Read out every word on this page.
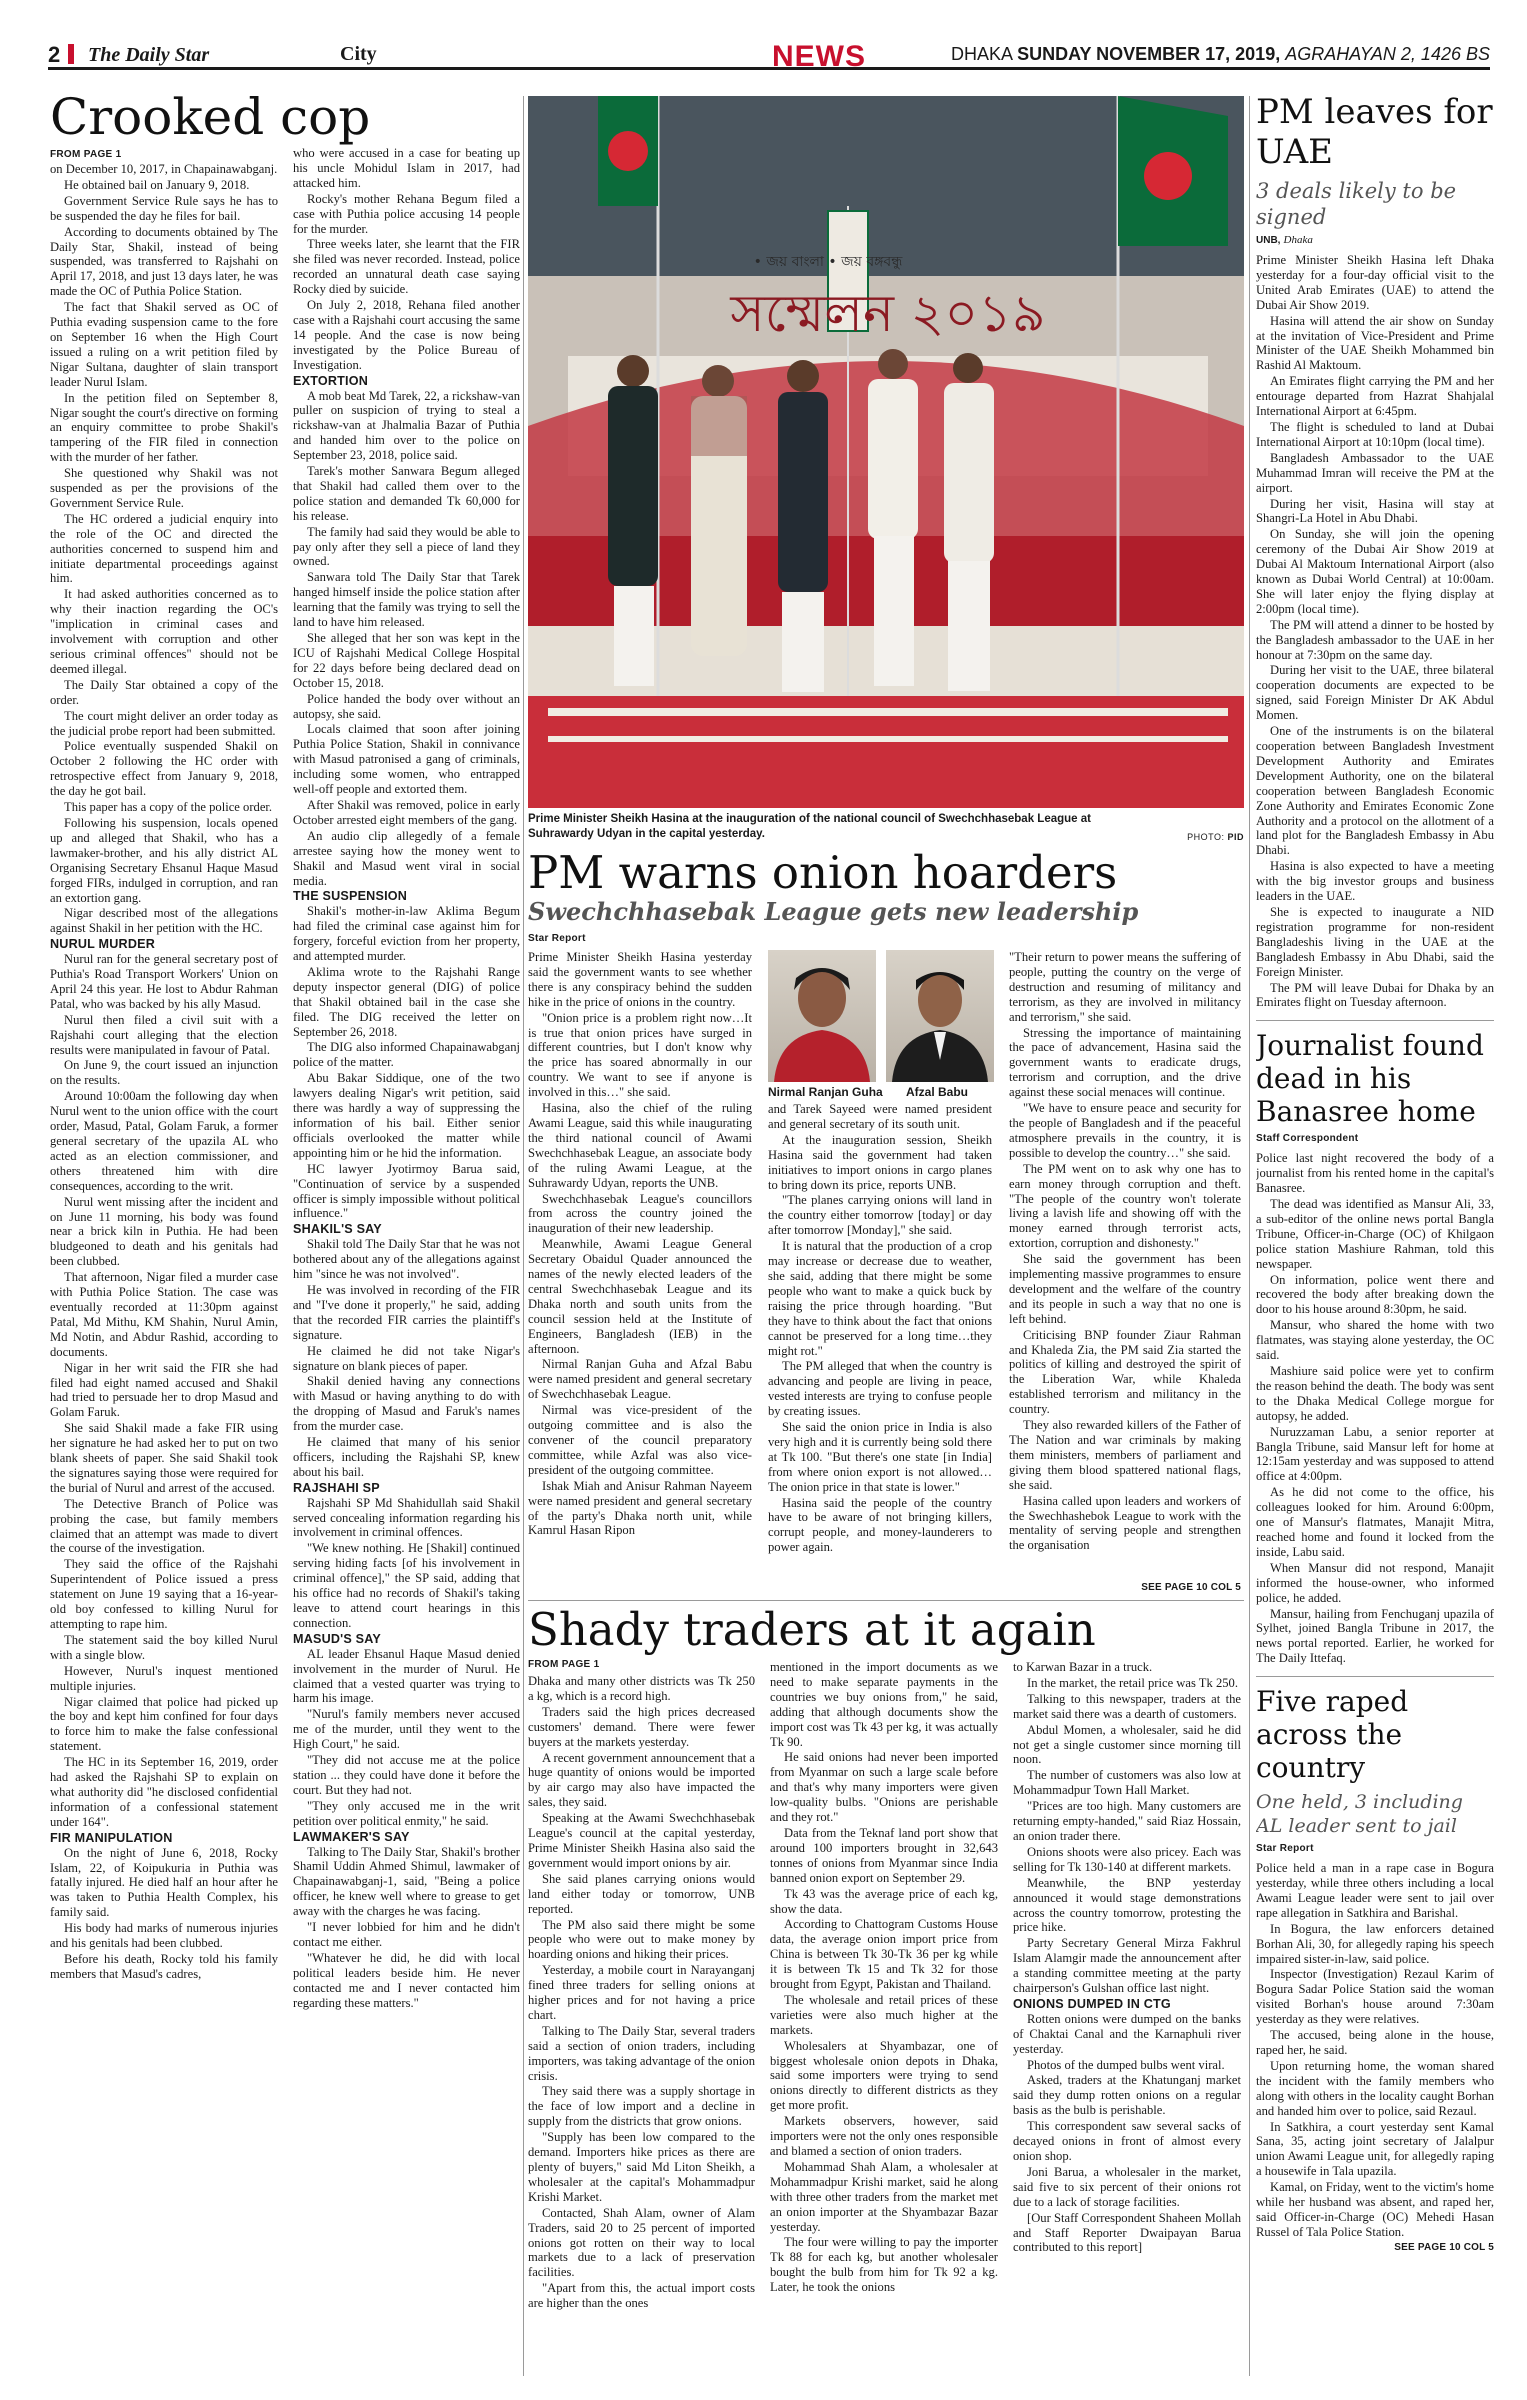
2 The Daily Star	City	NEWS	DHAKA SUNDAY NOVEMBER 17, 2019, AGRAHAYAN 2, 1426 BS
Crooked cop
FROM PAGE 1

on December 10, 2017, in Chapainawabganj.

He obtained bail on January 9, 2018.

Government Service Rule says he has to be suspended the day he files for bail.

According to documents obtained by The Daily Star, Shakil, instead of being suspended, was transferred to Rajshahi on April 17, 2018, and just 13 days later, he was made the OC of Puthia Police Station.

The fact that Shakil served as OC of Puthia evading suspension came to the fore on September 16 when the High Court issued a ruling on a writ petition filed by Nigar Sultana, daughter of slain transport leader Nurul Islam.

In the petition filed on September 8, Nigar sought the court's directive on forming an enquiry committee to probe Shakil's tampering of the FIR filed in connection with the murder of her father.

She questioned why Shakil was not suspended as per the provisions of the Government Service Rule.

The HC ordered a judicial enquiry into the role of the OC and directed the authorities concerned to suspend him and initiate departmental proceedings against him.

It had asked authorities concerned as to why their inaction regarding the OC's "implication in criminal cases and involvement with corruption and other serious criminal offences" should not be deemed illegal.

The Daily Star obtained a copy of the order.

The court might deliver an order today as the judicial probe report had been submitted.

Police eventually suspended Shakil on October 2 following the HC order with retrospective effect from January 9, 2018, the day he got bail.

This paper has a copy of the police order.

Following his suspension, locals opened up and alleged that Shakil, who has a lawmaker-brother, and his ally district AL Organising Secretary Ehsanul Haque Masud forged FIRs, indulged in corruption, and ran an extortion gang.

Nigar described most of the allegations against Shakil in her petition with the HC.

NURUL MURDER

Nurul ran for the general secretary post of Puthia's Road Transport Workers' Union on April 24 this year. He lost to Abdur Rahman Patal, who was backed by his ally Masud.

Nurul then filed a civil suit with a Rajshahi court alleging that the election results were manipulated in favour of Patal.

On June 9, the court issued an injunction on the results.

Around 10:00am the following day when Nurul went to the union office with the court order, Masud, Patal, Golam Faruk, a former general secretary of the upazila AL who acted as an election commissioner, and others threatened him with dire consequences, according to the writ.

Nurul went missing after the incident and on June 11 morning, his body was found near a brick kiln in Puthia. He had been bludgeoned to death and his genitals had been clubbed.

That afternoon, Nigar filed a murder case with Puthia Police Station. The case was eventually recorded at 11:30pm against Patal, Md Mithu, KM Shahin, Nurul Amin, Md Notin, and Abdur Rashid, according to documents.

Nigar in her writ said the FIR she had filed had eight named accused and Shakil had tried to persuade her to drop Masud and Golam Faruk.

She said Shakil made a fake FIR using her signature he had asked her to put on two blank sheets of paper. She said Shakil took the signatures saying those were required for the burial of Nurul and arrest of the accused.

The Detective Branch of Police was probing the case, but family members claimed that an attempt was made to divert the course of the investigation.

They said the office of the Rajshahi Superintendent of Police issued a press statement on June 19 saying that a 16-year-old boy confessed to killing Nurul for attempting to rape him.

The statement said the boy killed Nurul with a single blow.

However, Nurul's inquest mentioned multiple injuries.

Nigar claimed that police had picked up the boy and kept him confined for four days to force him to make the false confessional statement.

The HC in its September 16, 2019, order had asked the Rajshahi SP to explain on what authority did "he disclosed confidential information of a confessional statement under 164".

FIR MANIPULATION

On the night of June 6, 2018, Rocky Islam, 22, of Koipukuria in Puthia was fatally injured. He died half an hour after he was taken to Puthia Health Complex, his family said.

His body had marks of numerous injuries and his genitals had been clubbed.

Before his death, Rocky told his family members that Masud's cadres,

who were accused in a case for beating up his uncle Mohidul Islam in 2017, had attacked him.

Rocky's mother Rehana Begum filed a case with Puthia police accusing 14 people for the murder.

Three weeks later, she learnt that the FIR she filed was never recorded. Instead, police recorded an unnatural death case saying Rocky died by suicide.

On July 2, 2018, Rehana filed another case with a Rajshahi court accusing the same 14 people. And the case is now being investigated by the Police Bureau of Investigation.

EXTORTION

A mob beat Md Tarek, 22, a rickshaw-van puller on suspicion of trying to steal a rickshaw-van at Jhalmalia Bazar of Puthia and handed him over to the police on September 23, 2018, police said.

Tarek's mother Sanwara Begum alleged that Shakil had called them over to the police station and demanded Tk 60,000 for his release.

The family had said they would be able to pay only after they sell a piece of land they owned.

Sanwara told The Daily Star that Tarek hanged himself inside the police station after learning that the family was trying to sell the land to have him released.

She alleged that her son was kept in the ICU of Rajshahi Medical College Hospital for 22 days before being declared dead on October 15, 2018.

Police handed the body over without an autopsy, she said.

Locals claimed that soon after joining Puthia Police Station, Shakil in connivance with Masud patronised a gang of criminals, including some women, who entrapped well-off people and extorted them.

After Shakil was removed, police in early October arrested eight members of the gang.

An audio clip allegedly of a female arrestee saying how the money went to Shakil and Masud went viral in social media.

THE SUSPENSION

Shakil's mother-in-law Aklima Begum had filed the criminal case against him for forgery, forceful eviction from her property, and attempted murder.

Aklima wrote to the Rajshahi Range deputy inspector general (DIG) of police that Shakil obtained bail in the case she filed. The DIG received the letter on September 26, 2018.

The DIG also informed Chapainawabganj police of the matter.

Abu Bakar Siddique, one of the two lawyers dealing Nigar's writ petition, said there was hardly a way of suppressing the information of his bail. Either senior officials overlooked the matter while appointing him or he hid the information.

HC lawyer Jyotirmoy Barua said, "Continuation of service by a suspended officer is simply impossible without political influence."

SHAKIL'S SAY

Shakil told The Daily Star that he was not bothered about any of the allegations against him "since he was not involved".

He was involved in recording of the FIR and "I've done it properly," he said, adding that the recorded FIR carries the plaintiff's signature.

He claimed he did not take Nigar's signature on blank pieces of paper.

Shakil denied having any connections with Masud or having anything to do with the dropping of Masud and Faruk's names from the murder case.

He claimed that many of his senior officers, including the Rajshahi SP, knew about his bail.

RAJSHAHI SP

Rajshahi SP Md Shahidullah said Shakil served concealing information regarding his involvement in criminal offences.

"We knew nothing. He [Shakil] continued serving hiding facts [of his involvement in criminal offence]," the SP said, adding that his office had no records of Shakil's taking leave to attend court hearings in this connection.

MASUD'S SAY

AL leader Ehsanul Haque Masud denied involvement in the murder of Nurul. He claimed that a vested quarter was trying to harm his image.

"Nurul's family members never accused me of the murder, until they went to the High Court," he said.

"They did not accuse me at the police station ... they could have done it before the court. But they had not.

"They only accused me in the writ petition over political enmity," he said.

LAWMAKER'S SAY

Talking to The Daily Star, Shakil's brother Shamil Uddin Ahmed Shimul, lawmaker of Chapainawabganj-1, said, "Being a police officer, he knew well where to grease to get away with the charges he was facing.

"I never lobbied for him and he didn't contact me either.

"Whatever he did, he did with local political leaders beside him. He never contacted me and I never contacted him regarding these matters."

সম্মেলন ২০১৯
• জয় বাংলা • জয় বঙ্গবন্ধু
Prime Minister Sheikh Hasina at the inauguration of the national council of Swechchhasebak League at Suhrawardy Udyan in the capital yesterday.	PHOTO: PID
PM warns onion hoarders
Swechchhasebak League gets new leadership
Star Report

Prime Minister Sheikh Hasina yesterday said the government wants to see whether there is any conspiracy behind the sudden hike in the price of onions in the country.

"Onion price is a problem right now…It is true that onion prices have surged in different countries, but I don't know why the price has soared abnormally in our country. We want to see if anyone is involved in this…" she said.

Hasina, also the chief of the ruling Awami League, said this while inaugurating the third national council of Awami Swechchhasebak League, an associate body of the ruling Awami League, at the Suhrawardy Udyan, reports the UNB.

Swechchhasebak League's councillors from across the country joined the inauguration of their new leadership.

Meanwhile, Awami League General Secretary Obaidul Quader announced the names of the newly elected leaders of the central Swechchhasebak League and its Dhaka north and south units from the council session held at the Institute of Engineers, Bangladesh (IEB) in the afternoon.

Nirmal Ranjan Guha and Afzal Babu were named president and general secretary of Swechchhasebak League.

Nirmal was vice-president of the outgoing committee and is also the convener of the council preparatory committee, while Azfal was also vice-president of the outgoing committee.

Ishak Miah and Anisur Rahman Nayeem were named president and general secretary of the party's Dhaka north unit, while Kamrul Hasan Ripon

Nirmal Ranjan Guha Afzal Babu

and Tarek Sayeed were named president and general secretary of its south unit.

At the inauguration session, Sheikh Hasina said the government had taken initiatives to import onions in cargo planes to bring down its price, reports UNB.

"The planes carrying onions will land in the country either tomorrow [today] or day after tomorrow [Monday]," she said.

It is natural that the production of a crop may increase or decrease due to weather, she said, adding that there might be some people who want to make a quick buck by raising the price through hoarding. "But they have to think about the fact that onions cannot be preserved for a long time…they might rot."

The PM alleged that when the country is advancing and people are living in peace, vested interests are trying to confuse people by creating issues.

She said the onion price in India is also very high and it is currently being sold there at Tk 100. "But there's one state [in India] from where onion export is not allowed…The onion price in that state is lower."

Hasina said the people of the country have to be aware of not bringing killers, corrupt people, and money-launderers to power again.

"Their return to power means the suffering of people, putting the country on the verge of destruction and resuming of militancy and terrorism, as they are involved in militancy and terrorism," she said.

Stressing the importance of maintaining the pace of advancement, Hasina said the government wants to eradicate drugs, terrorism and corruption, and the drive against these social menaces will continue.

"We have to ensure peace and security for the people of Bangladesh and if the peaceful atmosphere prevails in the country, it is possible to develop the country…" she said.

The PM went on to ask why one has to earn money through corruption and theft. "The people of the country won't tolerate living a lavish life and showing off with the money earned through terrorist acts, extortion, corruption and dishonesty."

She said the government has been implementing massive programmes to ensure development and the welfare of the country and its people in such a way that no one is left behind.

Criticising BNP founder Ziaur Rahman and Khaleda Zia, the PM said Zia started the politics of killing and destroyed the spirit of the Liberation War, while Khaleda established terrorism and militancy in the country.

They also rewarded killers of the Father of The Nation and war criminals by making them ministers, members of parliament and giving them blood spattered national flags, she said.

Hasina called upon leaders and workers of the Swechhashebok League to work with the mentality of serving people and strengthen the organisation

SEE PAGE 10 COL 5
Shady traders at it again
FROM PAGE 1

Dhaka and many other districts was Tk 250 a kg, which is a record high.

Traders said the high prices decreased customers' demand. There were fewer buyers at the markets yesterday.

A recent government announcement that a huge quantity of onions would be imported by air cargo may also have impacted the sales, they said.

Speaking at the Awami Swechchhasebak League's council at the capital yesterday, Prime Minister Sheikh Hasina also said the government would import onions by air.

She said planes carrying onions would land either today or tomorrow, UNB reported.

The PM also said there might be some people who were out to make money by hoarding onions and hiking their prices.

Yesterday, a mobile court in Narayanganj fined three traders for selling onions at higher prices and for not having a price chart.

Talking to The Daily Star, several traders said a section of onion traders, including importers, was taking advantage of the onion crisis.

They said there was a supply shortage in the face of low import and a decline in supply from the districts that grow onions.

"Supply has been low compared to the demand. Importers hike prices as there are plenty of buyers," said Md Liton Sheikh, a wholesaler at the capital's Mohammadpur Krishi Market.

Contacted, Shah Alam, owner of Alam Traders, said 20 to 25 percent of imported onions got rotten on their way to local markets due to a lack of preservation facilities.

"Apart from this, the actual import costs are higher than the ones

mentioned in the import documents as we need to make separate payments in the countries we buy onions from," he said, adding that although documents show the import cost was Tk 43 per kg, it was actually Tk 90.

He said onions had never been imported from Myanmar on such a large scale before and that's why many importers were given low-quality bulbs. "Onions are perishable and they rot."

Data from the Teknaf land port show that around 100 importers brought in 32,643 tonnes of onions from Myanmar since India banned onion export on September 29.

Tk 43 was the average price of each kg, show the data.

According to Chattogram Customs House data, the average onion import price from China is between Tk 30-Tk 36 per kg while it is between Tk 15 and Tk 32 for those brought from Egypt, Pakistan and Thailand.

The wholesale and retail prices of these varieties were also much higher at the markets.

Wholesalers at Shyambazar, one of biggest wholesale onion depots in Dhaka, said some importers were trying to send onions directly to different districts as they get more profit.

Markets observers, however, said importers were not the only ones responsible and blamed a section of onion traders.

Mohammad Shah Alam, a wholesaler at Mohammadpur Krishi market, said he along with three other traders from the market met an onion importer at the Shyambazar Bazar yesterday.

The four were willing to pay the importer Tk 88 for each kg, but another wholesaler bought the bulb from him for Tk 92 a kg. Later, he took the onions

to Karwan Bazar in a truck.

In the market, the retail price was Tk 250.

Talking to this newspaper, traders at the market said there was a dearth of customers.

Abdul Momen, a wholesaler, said he did not get a single customer since morning till noon.

The number of customers was also low at Mohammadpur Town Hall Market.

"Prices are too high. Many customers are returning empty-handed," said Riaz Hossain, an onion trader there.

Onions shoots were also pricey. Each was selling for Tk 130-140 at different markets.

Meanwhile, the BNP yesterday announced it would stage demonstrations across the country tomorrow, protesting the price hike.

Party Secretary General Mirza Fakhrul Islam Alamgir made the announcement after a standing committee meeting at the party chairperson's Gulshan office last night.

ONIONS DUMPED IN CTG

Rotten onions were dumped on the banks of Chaktai Canal and the Karnaphuli river yesterday.

Photos of the dumped bulbs went viral.

Asked, traders at the Khatunganj market said they dump rotten onions on a regular basis as the bulb is perishable.

This correspondent saw several sacks of decayed onions in front of almost every onion shop.

Joni Barua, a wholesaler in the market, said five to six percent of their onions rot due to a lack of storage facilities.

[Our Staff Correspondent Shaheen Mollah and Staff Reporter Dwaipayan Barua contributed to this report]

PM leaves for UAE
3 deals likely to be signed
UNB, Dhaka

Prime Minister Sheikh Hasina left Dhaka yesterday for a four-day official visit to the United Arab Emirates (UAE) to attend the Dubai Air Show 2019.

Hasina will attend the air show on Sunday at the invitation of Vice-President and Prime Minister of the UAE Sheikh Mohammed bin Rashid Al Maktoum.

An Emirates flight carrying the PM and her entourage departed from Hazrat Shahjalal International Airport at 6:45pm.

The flight is scheduled to land at Dubai International Airport at 10:10pm (local time).

Bangladesh Ambassador to the UAE Muhammad Imran will receive the PM at the airport.

During her visit, Hasina will stay at Shangri-La Hotel in Abu Dhabi.

On Sunday, she will join the opening ceremony of the Dubai Air Show 2019 at Dubai Al Maktoum International Airport (also known as Dubai World Central) at 10:00am. She will later enjoy the flying display at 2:00pm (local time).

The PM will attend a dinner to be hosted by the Bangladesh ambassador to the UAE in her honour at 7:30pm on the same day.

During her visit to the UAE, three bilateral cooperation documents are expected to be signed, said Foreign Minister Dr AK Abdul Momen.

One of the instruments is on the bilateral cooperation between Bangladesh Investment Development Authority and Emirates Development Authority, one on the bilateral cooperation between Bangladesh Economic Zone Authority and Emirates Economic Zone Authority and a protocol on the allotment of a land plot for the Bangladesh Embassy in Abu Dhabi.

Hasina is also expected to have a meeting with the big investor groups and business leaders in the UAE.

She is expected to inaugurate a NID registration programme for non-resident Bangladeshis living in the UAE at the Bangladesh Embassy in Abu Dhabi, said the Foreign Minister.

The PM will leave Dubai for Dhaka by an Emirates flight on Tuesday afternoon.

Journalist found dead in his Banasree home
Staff Correspondent

Police last night recovered the body of a journalist from his rented home in the capital's Banasree.

The dead was identified as Mansur Ali, 33, a sub-editor of the online news portal Bangla Tribune, Officer-in-Charge (OC) of Khilgaon police station Mashiure Rahman, told this newspaper.

On information, police went there and recovered the body after breaking down the door to his house around 8:30pm, he said.

Mansur, who shared the home with two flatmates, was staying alone yesterday, the OC said.

Mashiure said police were yet to confirm the reason behind the death. The body was sent to the Dhaka Medical College morgue for autopsy, he added.

Nuruzzaman Labu, a senior reporter at Bangla Tribune, said Mansur left for home at 12:15am yesterday and was supposed to attend office at 4:00pm.

As he did not come to the office, his colleagues looked for him. Around 6:00pm, one of Mansur's flatmates, Manajit Mitra, reached home and found it locked from the inside, Labu said.

When Mansur did not respond, Manajit informed the house-owner, who informed police, he added.

Mansur, hailing from Fenchuganj upazila of Sylhet, joined Bangla Tribune in 2017, the news portal reported. Earlier, he worked for The Daily Ittefaq.

Five raped across the country
One held, 3 including AL leader sent to jail
Star Report

Police held a man in a rape case in Bogura yesterday, while three others including a local Awami League leader were sent to jail over rape allegation in Satkhira and Barishal.

In Bogura, the law enforcers detained Borhan Ali, 30, for allegedly raping his speech impaired sister-in-law, said police.

Inspector (Investigation) Rezaul Karim of Bogura Sadar Police Station said the woman visited Borhan's house around 7:30am yesterday as they were relatives.

The accused, being alone in the house, raped her, he said.

Upon returning home, the woman shared the incident with the family members who along with others in the locality caught Borhan and handed him over to police, said Rezaul.

In Satkhira, a court yesterday sent Kamal Sana, 35, acting joint secretary of Jalalpur union Awami League unit, for allegedly raping a housewife in Tala upazila.

Kamal, on Friday, went to the victim's home while her husband was absent, and raped her, said Officer-in-Charge (OC) Mehedi Hasan Russel of Tala Police Station.

SEE PAGE 10 COL 5
